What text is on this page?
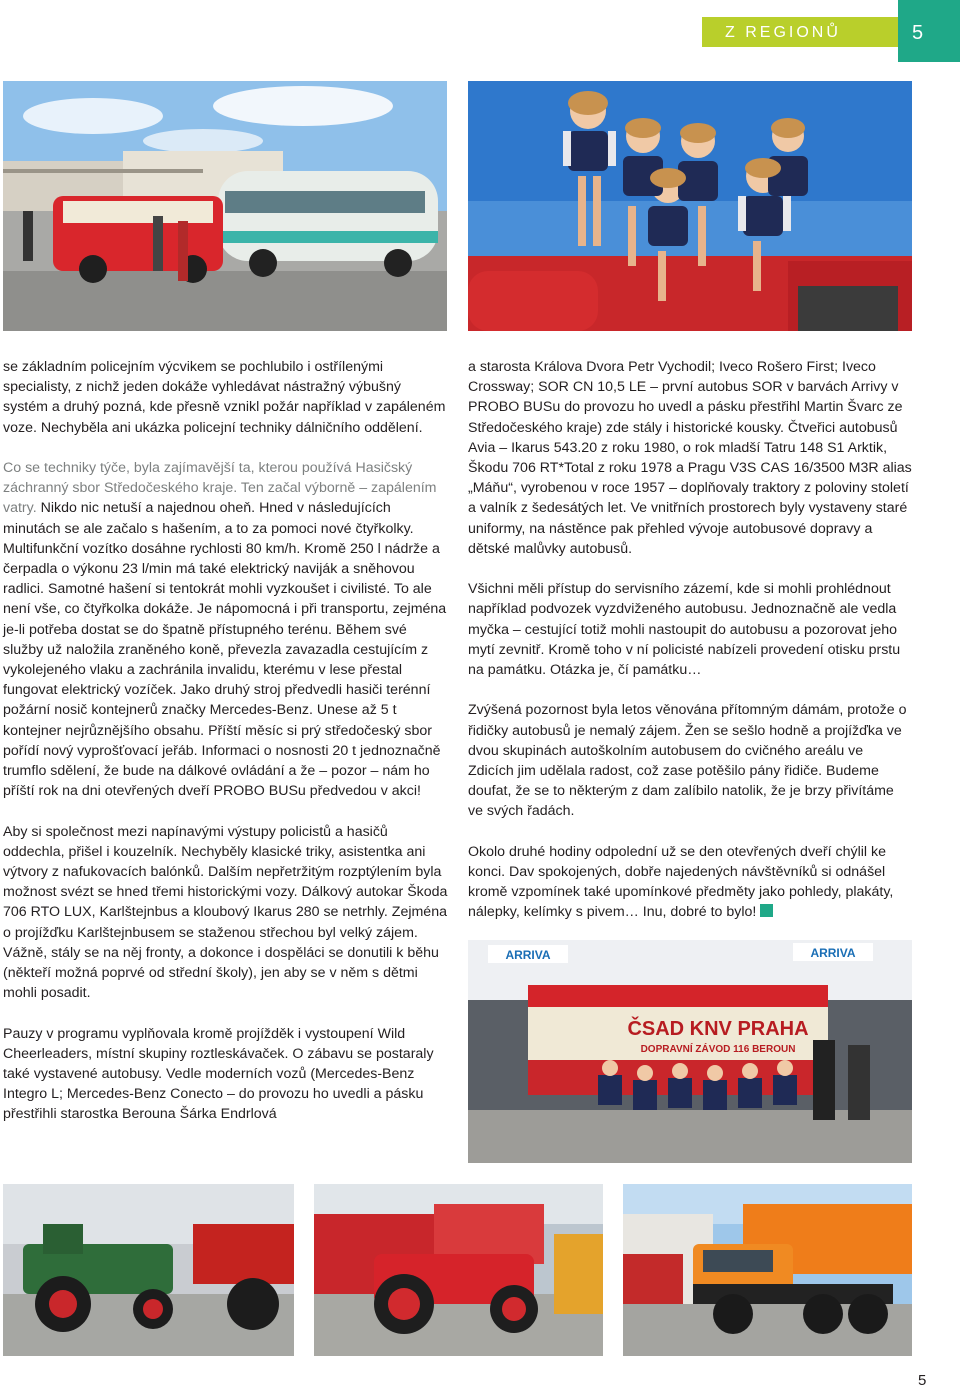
Z REGIONŮ	5

se základním policejním výcvikem se pochlubilo i ostřílenými specialisty, z nichž jeden dokáže vyhledávat nástražný výbušný systém a druhý pozná, kde přesně vznikl požár například v zapáleném voze. Nechyběla ani ukázka policejní techniky dálničního oddělení.

Co se techniky týče, byla zajímavější ta, kterou používá Hasičský záchranný sbor Středočeského kraje. Ten začal výborně – zapálením vatry. Nikdo nic netuší a najednou oheň. Hned v následujících minutách se ale začalo s hašením, a to za pomoci nové čtyřkolky. Multifunkční vozítko dosáhne rychlosti 80 km/h. Kromě 250 l nádrže a čerpadla o výkonu 23 l/min má také elektrický naviják a sněhovou radlici. Samotné hašení si tentokrát mohli vyzkoušet i civilisté. To ale není vše, co čtyřkolka dokáže. Je nápomocná i při transportu, zejména je-li potřeba dostat se do špatně přístupného terénu. Během své služby už naložila zraněného koně, převezla zavazadla cestujícím z vykolejeného vlaku a zachránila invalidu, kterému v lese přestal fungovat elektrický vozíček. Jako druhý stroj předvedli hasiči terénní požární nosič kontejnerů značky Mercedes-Benz. Unese až 5 t kontejner nejrůznějšího obsahu. Příští měsíc si prý středočeský sbor pořídí nový vyprošťovací jeřáb. Informaci o nosnosti 20 t jednoznačně trumflo sdělení, že bude na dálkové ovládání a že – pozor – nám ho příští rok na dni otevřených dveří PROBO BUSu předvedou v akci!

Aby si společnost mezi napínavými výstupy policistů a hasičů oddechla, přišel i kouzelník. Nechyběly klasické triky, asistentka ani výtvory z nafukovacích balónků. Dalším nepřetržitým rozptýlením byla možnost svézt se hned třemi historickými vozy. Dálkový autokar Škoda 706 RTO LUX, Karlštejnbus a kloubový Ikarus 280 se netrhly. Zejména o projížďku Karlštejnbusem se staženou střechou byl velký zájem. Vážně, stály se na něj fronty, a dokonce i dospěláci se donutili k běhu (někteří možná poprvé od střední školy), jen aby se v něm s dětmi mohli posadit.

Pauzy v programu vyplňovala kromě projížděk i vystoupení Wild Cheerleaders, místní skupiny roztleskávaček. O zábavu se postaraly také vystavené autobusy. Vedle moderních vozů (Mercedes-Benz Integro L; Mercedes-Benz Conecto – do provozu ho uvedli a pásku přestřihli starostka Berouna Šárka Endrlová

a starosta Králova Dvora Petr Vychodil; Iveco Rošero First; Iveco Crossway; SOR CN 10,5 LE – první autobus SOR v barvách Arrivy v PROBO BUSu do provozu ho uvedl a pásku přestřihl Martin Švarc ze Středočeského kraje) zde stály i historické kousky. Čtveřici autobusů Avia – Ikarus 543.20 z roku 1980, o rok mladší Tatru 148 S1 Arktik, Škodu 706 RT*Total z roku 1978 a Pragu V3S CAS 16/3500 M3R alias „Máňu“, vyrobenou v roce 1957 – doplňovaly traktory z poloviny století a valník z šedesátých let. Ve vnitřních prostorech byly vystaveny staré uniformy, na nástěnce pak přehled vývoje autobusové dopravy a dětské malůvky autobusů.

Všichni měli přístup do servisního zázemí, kde si mohli prohlédnout například podvozek vyzdviženého autobusu. Jednoznačně ale vedla myčka – cestující totiž mohli nastoupit do autobusu a pozorovat jeho mytí zevnitř. Kromě toho v ní policisté nabízeli provedení otisku prstu na památku. Otázka je, čí památku…

Zvýšená pozornost byla letos věnována přítomným dámám, protože o řidičky autobusů je nemalý zájem. Žen se sešlo hodně a projížďka ve dvou skupinách autoškolním autobusem do cvičného areálu ve Zdicích jim udělala radost, což zase potěšilo pány řidiče. Budeme doufat, že se to některým z dam zalíbilo natolik, že je brzy přivítáme ve svých řadách.

Okolo druhé hodiny odpolední už se den otevřených dveří chýlil ke konci. Dav spokojených, dobře najedených návštěvníků si odnášel kromě vzpomínek také upomínkové předměty jako pohledy, plakáty, nálepky, kelímky s pivem… Inu, dobré to bylo!

ARRIVA	ARRIVA
ČSAD KNV PRAHA
DOPRAVNÍ ZÁVOD 116 BEROUN
5
